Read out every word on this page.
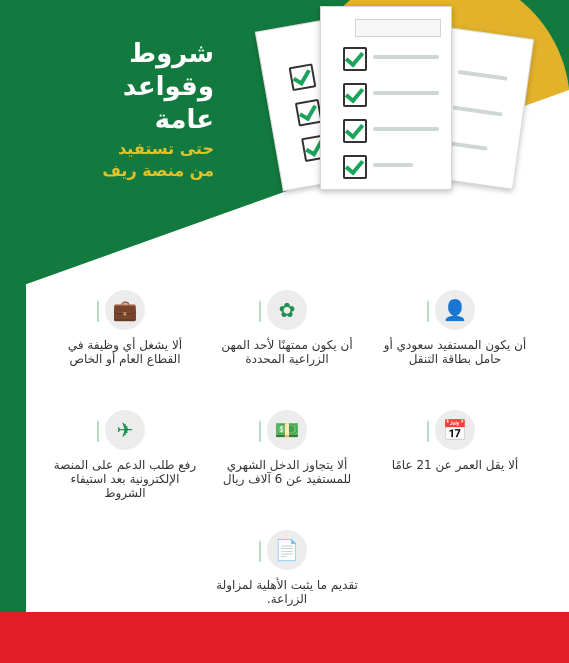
شروط
وقواعد
عامة
حتى تستفيد
من منصة ريف
👤
أن يكون المستفيد سعودي أو حامل بطاقة التنقل
✿
أن يكون ممتهنًا لأحد المهن الزراعية المحددة
💼
ألا يشغل أي وظيفة في القطاع العام أو الخاص
📅
ألا يقل العمر عن 21 عامًا
💵
ألا يتجاوز الدخل الشهري للمستفيد عن 6 آلاف ريال
✈
رفع طلب الدعم على المنصة الإلكترونية بعد استيفاء الشروط
📄
تقديم ما يثبت الأهلية لمزاولة الزراعة.
